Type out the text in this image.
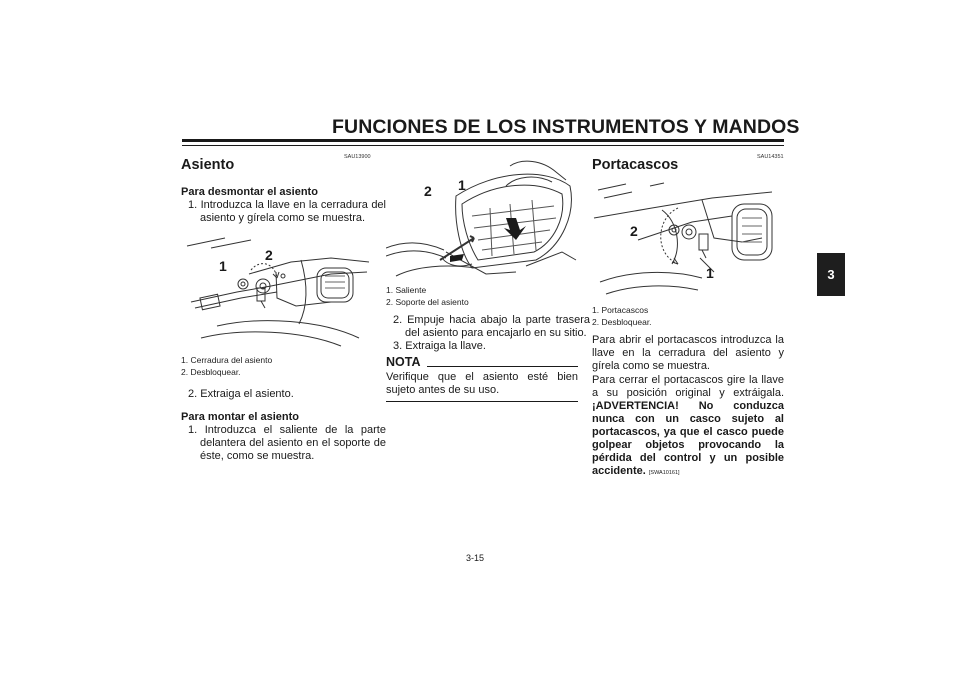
FUNCIONES DE LOS INSTRUMENTOS Y MANDOS
3
SAU13900
Asiento
Para desmontar el asiento
1. Introduzca la llave en la cerradura del asiento y gírela como se muestra.
1
2
1. Cerradura del asiento
2. Desbloquear.
2. Extraiga el asiento.
Para montar el asiento
1. Introduzca el saliente de la parte delantera del asiento en el soporte de éste, como se muestra.
2 1
1. Saliente
2. Soporte del asiento
2. Empuje hacia abajo la parte trasera del asiento para encajarlo en su sitio.
3. Extraiga la llave.
NOTA
Verifique que el asiento esté bien sujeto antes de su uso.
SAU14351
Portacascos
2
1
1. Portacascos
2. Desbloquear.
Para abrir el portacascos introduzca la llave en la cerradura del asiento y gírela como se muestra.
Para cerrar el portacascos gire la llave a su posición original y extráigala.
¡ADVERTENCIA! No conduzca nunca con un casco sujeto al portacascos, ya que el casco puede golpear objetos provocando la pérdida del control y un posible accidente. [SWA10161]
3-15
